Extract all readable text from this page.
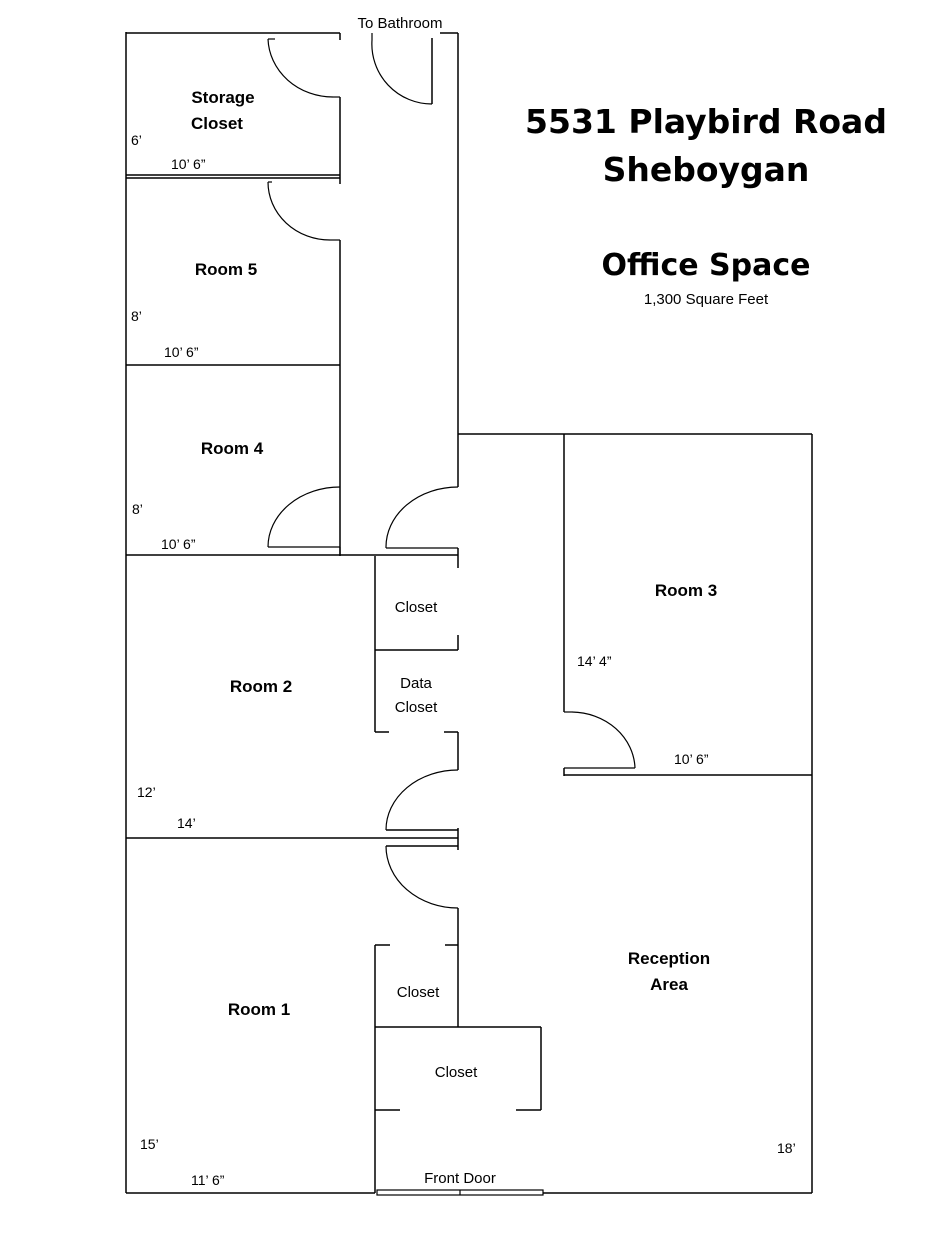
5531 Playbird Road
Sheboygan
Office Space
1,300 Square Feet
To Bathroom
Front Door
Storage
Closet
Room 5
Room 4
Room 3
Room 2
Room 1
Reception
Area
Closet
Data
Closet
Closet
Closet
6’
10’ 6”
8’
10’ 6”
8’
10’ 6”
14’ 4”
10’ 6”
12’
14’
15’
11’ 6”
18’
